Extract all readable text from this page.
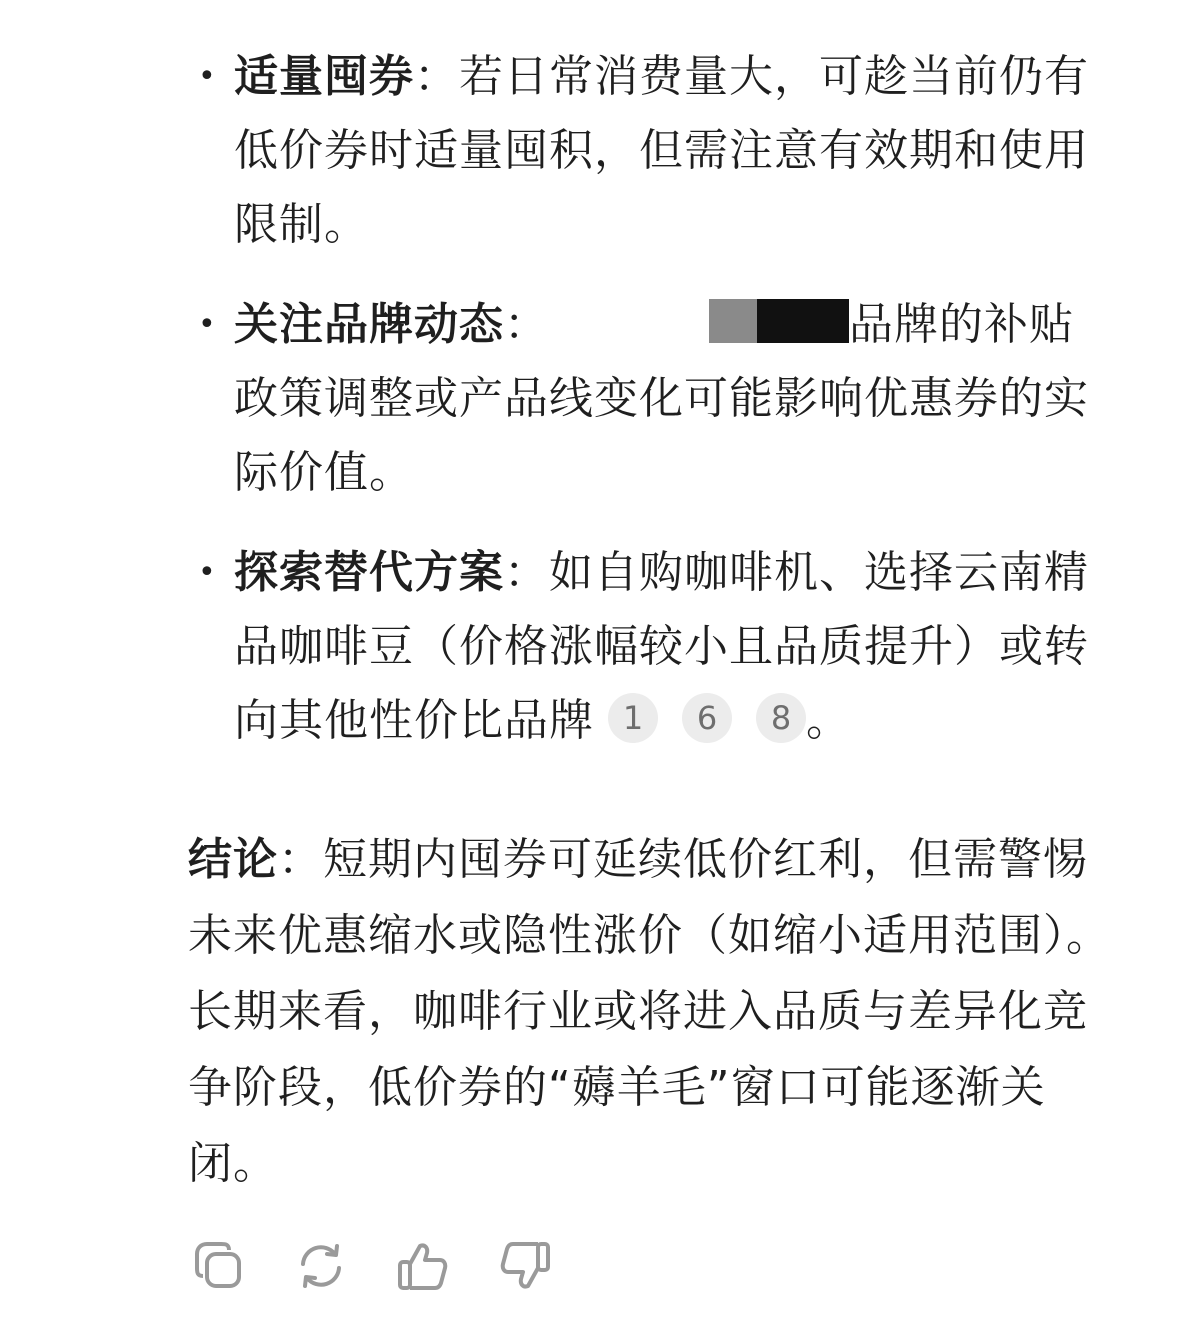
• 适量囤券：若日常消费量大，可趁当前仍有低价券时适量囤积，但需注意有效期和使用限制。
• 关注品牌动态：	品牌的补贴政策调整或产品线变化可能影响优惠券的实际价值。
• 探索替代方案：如自购咖啡机、选择云南精品咖啡豆（价格涨幅较小且品质提升）或转向其他性价比品牌 1 6 8 。

结论：短期内囤券可延续低价红利，但需警惕未来优惠缩水或隐性涨价（如缩小适用范围）。长期来看，咖啡行业或将进入品质与差异化竞争阶段，低价券的“薅羊毛”窗口可能逐渐关闭。
